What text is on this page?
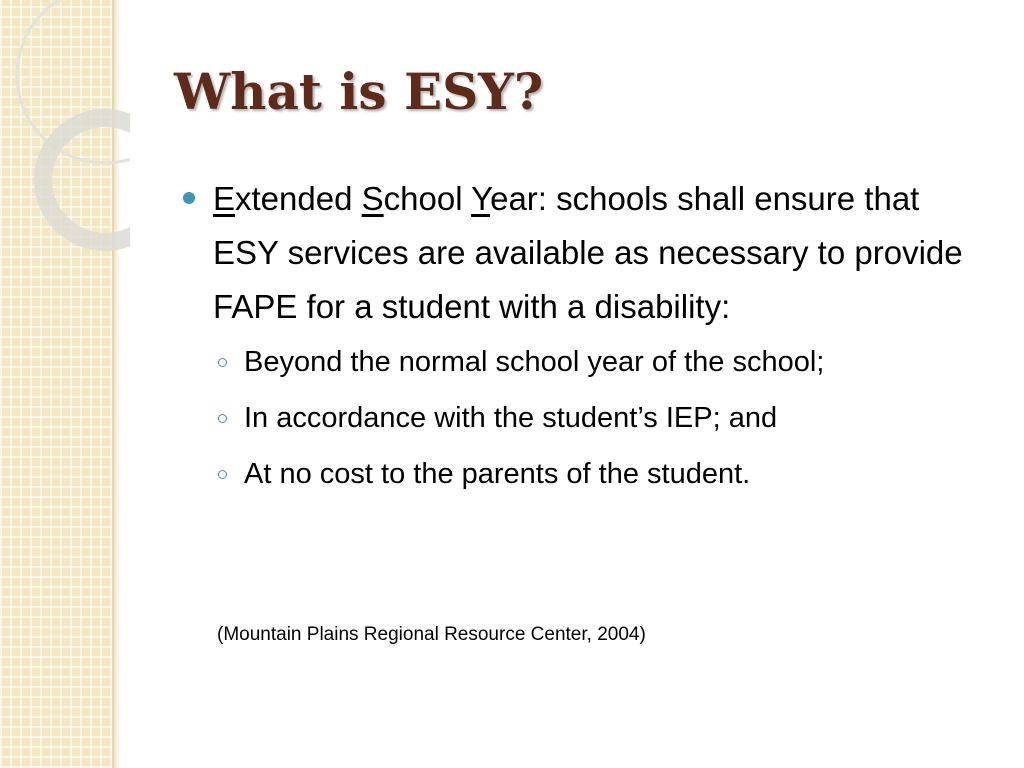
What is ESY?
Extended School Year: schools shall ensure that ESY services are available as necessary to provide FAPE for a student with a disability:
Beyond the normal school year of the school;
In accordance with the student’s IEP; and
At no cost to the parents of the student.
(Mountain Plains Regional Resource Center, 2004)
